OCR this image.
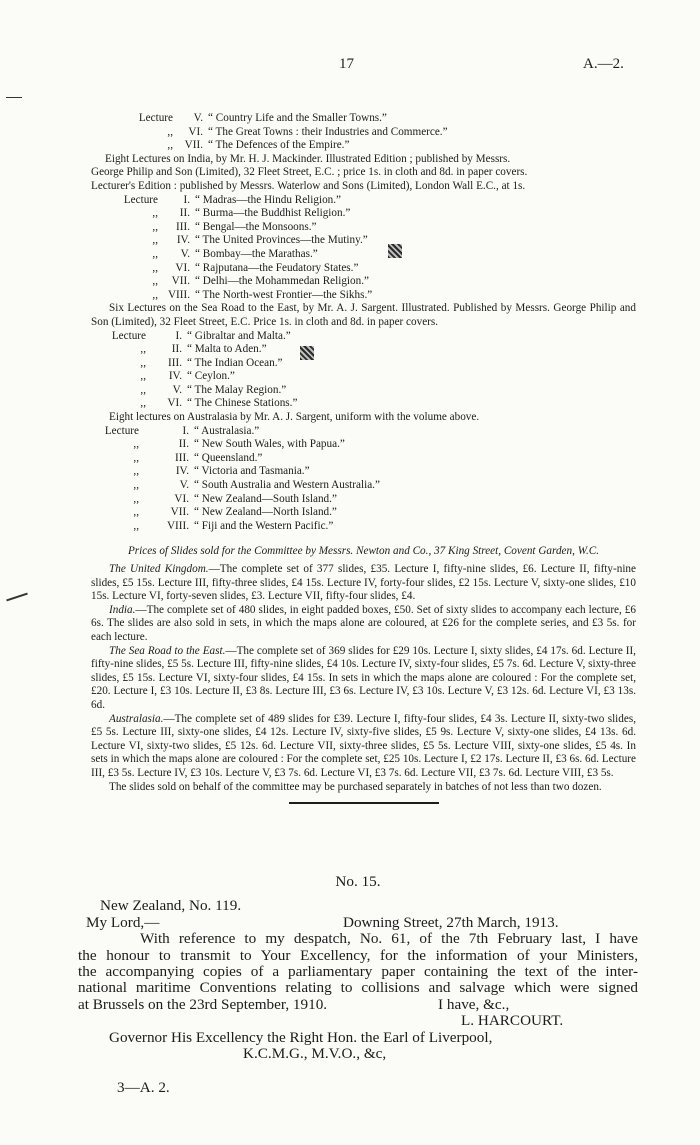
17	A.—2.
Lecture	V. “ Country Life and the Smaller Towns.”
,,	VI. “ The Great Towns : their Industries and Commerce.”
,,	VII. “ The Defences of the Empire.”
Eight Lectures on India, by Mr. H. J. Mackinder. Illustrated Edition ; published by Messrs.
George Philip and Son (Limited), 32 Fleet Street, E.C. ; price 1s. in cloth and 8d. in paper covers.
Lecturer's Edition : published by Messrs. Waterlow and Sons (Limited), London Wall E.C., at 1s.
Lecture	I. “ Madras—the Hindu Religion.”
,,	II. “ Burma—the Buddhist Religion.”
,,	III. “ Bengal—the Monsoons.”
,,	IV. “ The United Provinces—the Mutiny.”
,,	V. “ Bombay—the Marathas.”
,,	VI. “ Rajputana—the Feudatory States.”
,,	VII. “ Delhi—the Mohammedan Religion.”
,, VIII. “ The North-west Frontier—the Sikhs.”

Six Lectures on the Sea Road to the East, by Mr. A. J. Sargent. Illustrated. Published by Messrs. George Philip and Son (Limited), 32 Fleet Street, E.C. Price 1s. in cloth and 8d. in paper covers.

Lecture	I. “ Gibraltar and Malta.”
,,	II. “ Malta to Aden.”
,,	III. “ The Indian Ocean.”
,,	IV. “ Ceylon.”
,,	V. “ The Malay Region.”
,,	VI. “ The Chinese Stations.”

Eight lectures on Australasia by Mr. A. J. Sargent, uniform with the volume above.

Lecture	I. “ Australasia.”
,,	II. “ New South Wales, with Papua.”
,,	III. “ Queensland.”
,,	IV. “ Victoria and Tasmania.”
,,	V. “ South Australia and Western Australia.”
,,	VI. “ New Zealand—South Island.”
,,	VII. “ New Zealand—North Island.”
,,	VIII. “ Fiji and the Western Pacific.”
Prices of Slides sold for the Committee by Messrs. Newton and Co., 37 King Street, Covent Garden, W.C.

The United Kingdom.—The complete set of 377 slides, £35. Lecture I, fifty-nine slides, £6. Lecture II, fifty-nine slides, £5 15s. Lecture III, fifty-three slides, £4 15s. Lecture IV, forty-four slides, £2 15s. Lecture V, sixty-one slides, £10 15s. Lecture VI, forty-seven slides, £3. Lecture VII, fifty-four slides, £4.

India.—The complete set of 480 slides, in eight padded boxes, £50. Set of sixty slides to accompany each lecture, £6 6s. The slides are also sold in sets, in which the maps alone are coloured, at £26 for the complete series, and £3 5s. for each lecture.

The Sea Road to the East.—The complete set of 369 slides for £29 10s. Lecture I, sixty slides, £4 17s. 6d. Lecture II, fifty-nine slides, £5 5s. Lecture III, fifty-nine slides, £4 10s. Lecture IV, sixty-four slides, £5 7s. 6d. Lecture V, sixty-three slides, £5 15s. Lecture VI, sixty-four slides, £4 15s. In sets in which the maps alone are coloured : For the complete set, £20. Lecture I, £3 10s. Lecture II, £3 8s. Lecture III, £3 6s. Lecture IV, £3 10s. Lecture V, £3 12s. 6d. Lecture VI, £3 13s. 6d.

Australasia.—The complete set of 489 slides for £39. Lecture I, fifty-four slides, £4 3s. Lecture II, sixty-two slides, £5 5s. Lecture III, sixty-one slides, £4 12s. Lecture IV, sixty-five slides, £5 9s. Lecture V, sixty-one slides, £4 13s. 6d. Lecture VI, sixty-two slides, £5 12s. 6d. Lecture VII, sixty-three slides, £5 5s. Lecture VIII, sixty-one slides, £5 4s. In sets in which the maps alone are coloured : For the complete set, £25 10s. Lecture I, £2 17s. Lecture II, £3 6s. 6d. Lecture III, £3 5s. Lecture IV, £3 10s. Lecture V, £3 7s. 6d. Lecture VI, £3 7s. 6d. Lecture VII, £3 7s. 6d. Lecture VIII, £3 5s.

The slides sold on behalf of the committee may be purchased separately in batches of not less than two dozen.

No. 15.
New Zealand, No. 119.
My Lord,—	Downing Street, 27th March, 1913.
With reference to my despatch, No. 61, of the 7th February last, I have
the honour to transmit to Your Excellency, for the information of your Ministers,
the accompanying copies of a parliamentary paper containing the text of the inter-
national maritime Conventions relating to collisions and salvage which were signed
at Brussels on the 23rd September, 1910.	I have, &c.,
L. HARCOURT.
Governor His Excellency the Right Hon. the Earl of Liverpool,
K.C.M.G., M.V.O., &c,
3—A. 2.
